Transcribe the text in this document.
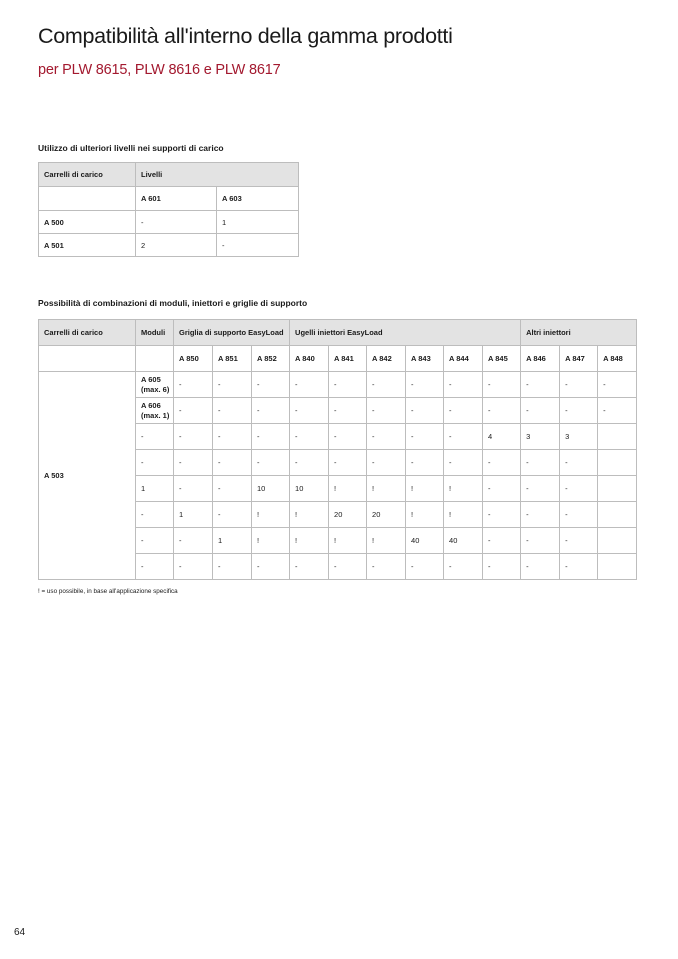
Compatibilità all'interno della gamma prodotti
per PLW 8615, PLW 8616 e PLW 8617
Utilizzo di ulteriori livelli nei supporti di carico
Carrelli di carico	Livelli	
	A 601	A 603
A 500	-	1
A 501	2	-
Possibilità di combinazioni di moduli, iniettori e griglie di supporto
Carrelli di carico	Moduli	Griglia di supporto EasyLoad			Ugelli iniettori EasyLoad						Altri iniettori		
		A 850	A 851	A 852	A 840	A 841	A 842	A 843	A 844	A 845	A 846	A 847	A 848
A 503	A 605 (max. 6)	-	-	-	-	-	-	-	-	-	-	-	-
	A 606 (max. 1)	-	-	-	-	-	-	-	-	-	-	-	-
	-	-	-	-	-	-	-	-	-	4	3	3	
	-	-	-	-	-	-	-	-	-	-	-	-	
	1	-	-	10	10	!	!	!	!	-	-	-	
	-	1	-	!	!	20	20	!	!	-	-	-	
	-	-	1	!	!	!	!	40	40	-	-	-	
	-	-	-	-	-	-	-	-	-	-	-	-	
! = uso possibile, in base all'applicazione specifica
64
